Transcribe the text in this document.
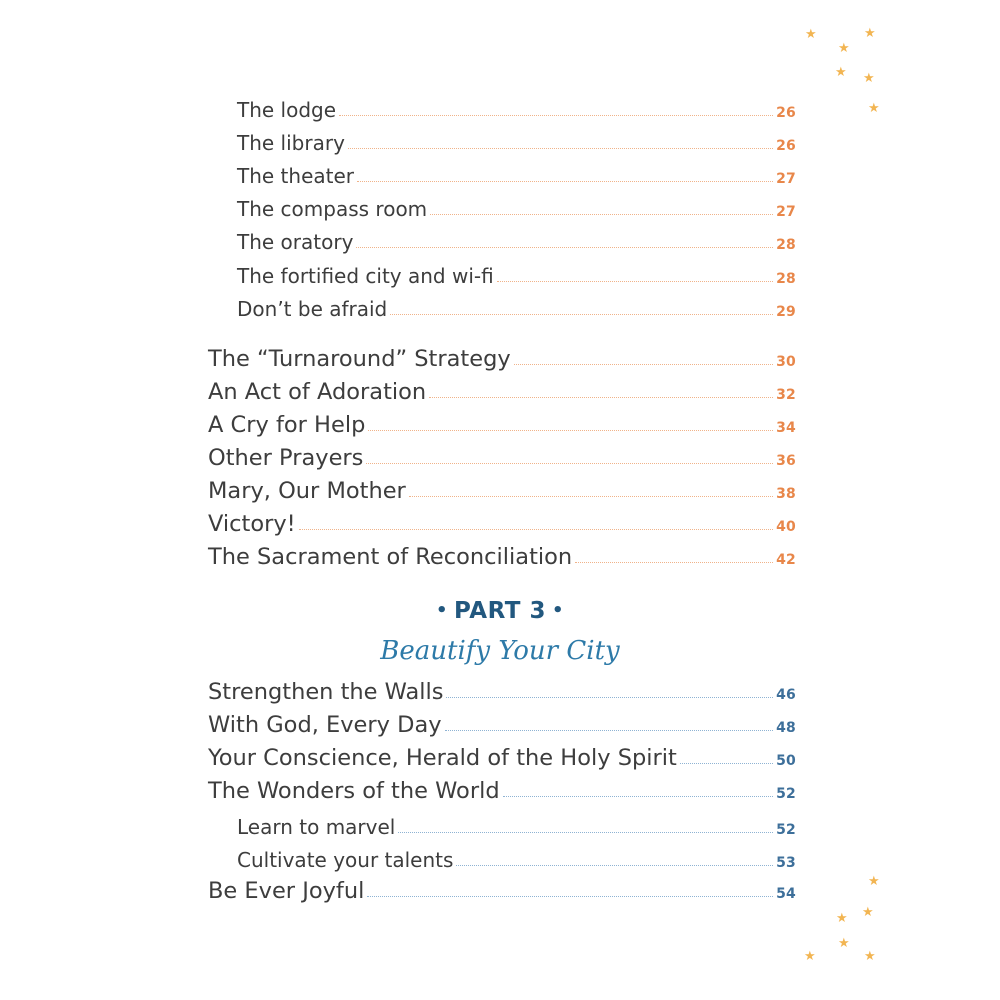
★	★
★
★ ★
★
★
★
★
★
★	★
The lodge	26
The library	26
The theater	27
The compass room	27
The oratory	28
The fortified city and wi-fi	28
Don’t be afraid	29
The “Turnaround” Strategy	30
An Act of Adoration	32
A Cry for Help	34
Other Prayers	36
Mary, Our Mother	38
Victory!	40
The Sacrament of Reconciliation	42
• PART 3 •
Beautify Your City
Strengthen the Walls	46
With God, Every Day	48
Your Conscience, Herald of the Holy Spirit	50
The Wonders of the World	52
Learn to marvel	52
Cultivate your talents	53
Be Ever Joyful	54
